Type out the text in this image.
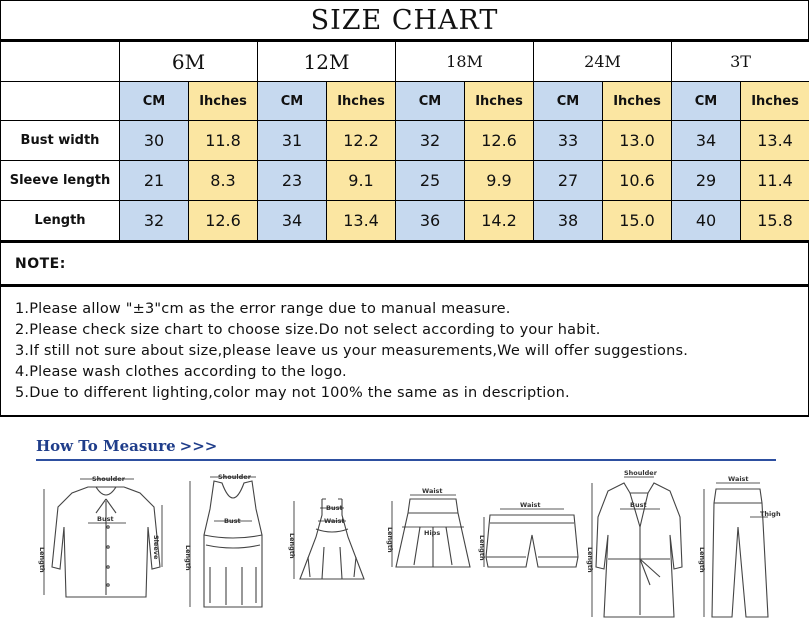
SIZE CHART
	6M		12M		18M		24M		3T	
	CM	Ihches	CM	Ihches	CM	Ihches	CM	Ihches	CM	Ihches
Bust width	30	11.8	31	12.2	32	12.6	33	13.0	34	13.4
Sleeve length	21	8.3	23	9.1	25	9.9	27	10.6	29	11.4
Length	32	12.6	34	13.4	36	14.2	38	15.0	40	15.8
NOTE:
1.Please allow "±3"cm as the error range due to manual measure.
2.Please check size chart to choose size.Do not select according to your habit.
3.If still not sure about size,please leave us your measurements,We will offer suggestions.
4.Please wash clothes according to the logo.
5.Due to different lighting,color may not 100% the same as in description.
How To Measure >>>
Shoulder
Bust
Length	Sleeve
Shoulder
Bust
Length
Bust
Waist
Length
Waist
Hips
Length
Waist
Length
Shoulder
Bust
Length
Waist
Thigh
Length
